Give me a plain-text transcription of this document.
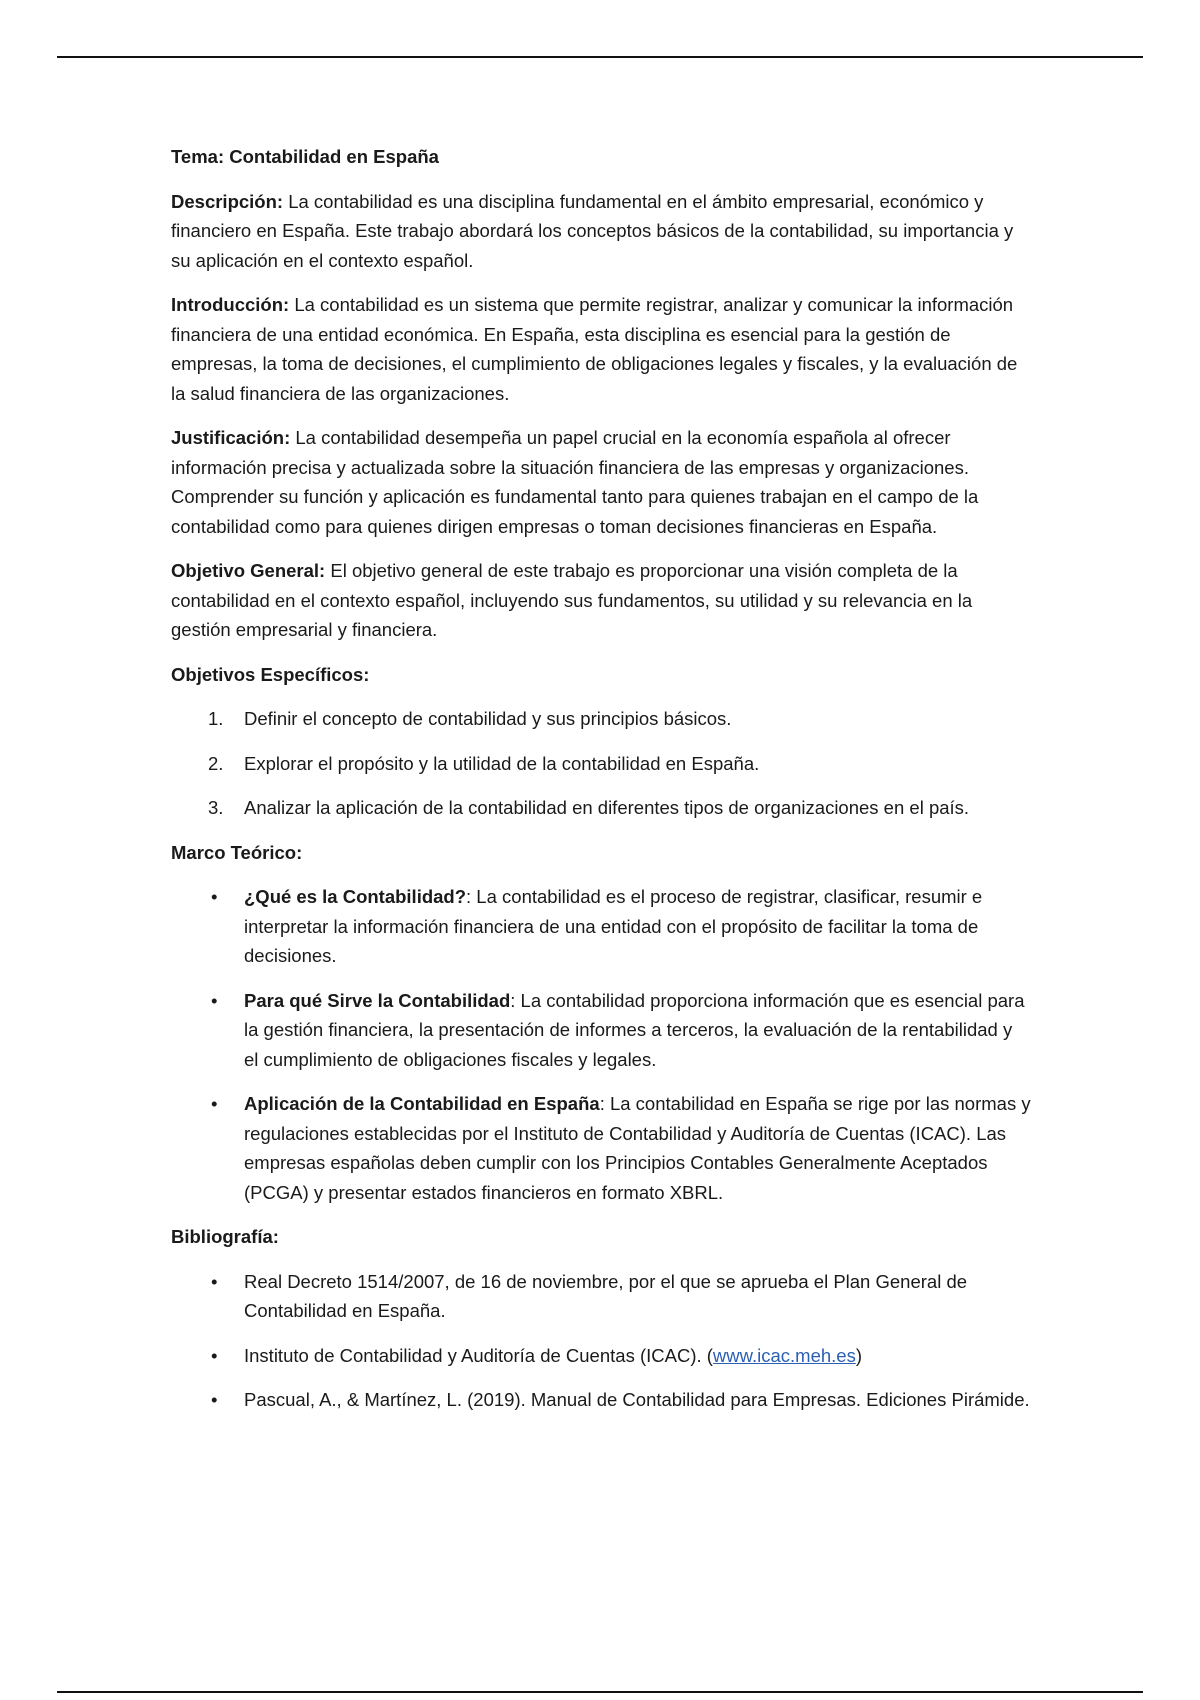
Tema: Contabilidad en España

Descripción: La contabilidad es una disciplina fundamental en el ámbito empresarial, económico y financiero en España. Este trabajo abordará los conceptos básicos de la contabilidad, su importancia y su aplicación en el contexto español.

Introducción: La contabilidad es un sistema que permite registrar, analizar y comunicar la información financiera de una entidad económica. En España, esta disciplina es esencial para la gestión de empresas, la toma de decisiones, el cumplimiento de obligaciones legales y fiscales, y la evaluación de la salud financiera de las organizaciones.

Justificación: La contabilidad desempeña un papel crucial en la economía española al ofrecer información precisa y actualizada sobre la situación financiera de las empresas y organizaciones. Comprender su función y aplicación es fundamental tanto para quienes trabajan en el campo de la contabilidad como para quienes dirigen empresas o toman decisiones financieras en España.

Objetivo General: El objetivo general de este trabajo es proporcionar una visión completa de la contabilidad en el contexto español, incluyendo sus fundamentos, su utilidad y su relevancia en la gestión empresarial y financiera.

Objetivos Específicos:

1. Definir el concepto de contabilidad y sus principios básicos.
2. Explorar el propósito y la utilidad de la contabilidad en España.
3. Analizar la aplicación de la contabilidad en diferentes tipos de organizaciones en el país.

Marco Teórico:

• ¿Qué es la Contabilidad?: La contabilidad es el proceso de registrar, clasificar, resumir e interpretar la información financiera de una entidad con el propósito de facilitar la toma de decisiones.
• Para qué Sirve la Contabilidad: La contabilidad proporciona información que es esencial para la gestión financiera, la presentación de informes a terceros, la evaluación de la rentabilidad y el cumplimiento de obligaciones fiscales y legales.
• Aplicación de la Contabilidad en España: La contabilidad en España se rige por las normas y regulaciones establecidas por el Instituto de Contabilidad y Auditoría de Cuentas (ICAC). Las empresas españolas deben cumplir con los Principios Contables Generalmente Aceptados (PCGA) y presentar estados financieros en formato XBRL.

Bibliografía:

• Real Decreto 1514/2007, de 16 de noviembre, por el que se aprueba el Plan General de Contabilidad en España.
• Instituto de Contabilidad y Auditoría de Cuentas (ICAC). (www.icac.meh.es)
• Pascual, A., & Martínez, L. (2019). Manual de Contabilidad para Empresas. Ediciones Pirámide.
